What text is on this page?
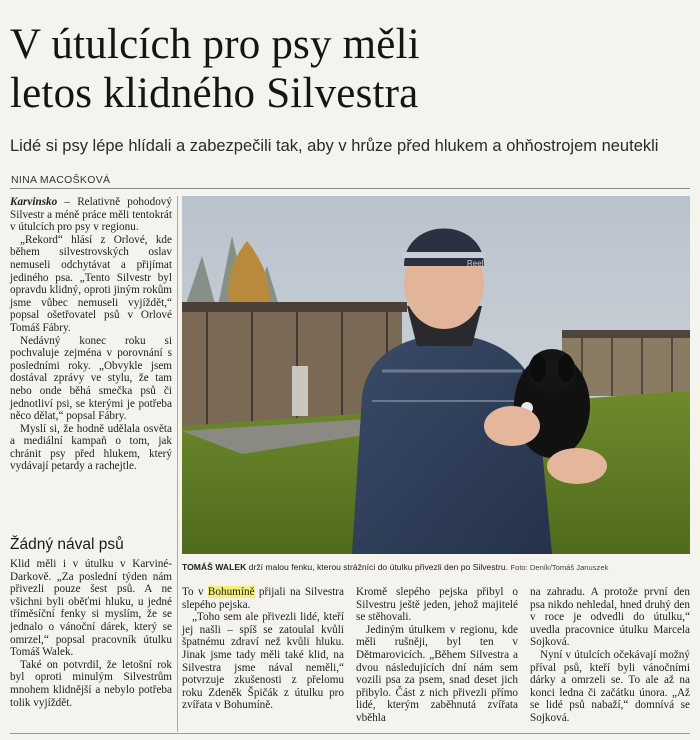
V útulcích pro psy měli
letos klidného Silvestra
Lidé si psy lépe hlídali a zabezpečili tak, aby v hrůze před hlukem a ohňostrojem neutekli
NINA MACOŠKOVÁ

Karvinsko – Relativně pohodový Silvestr a méně práce měli tentokrát v útulcích pro psy v regionu.

„Rekord“ hlásí z Orlové, kde během silvestrovských oslav nemuseli odchytávat a přijímat jediného psa. „Tento Silvestr byl opravdu klidný, oproti jiným rokům jsme vůbec nemuseli vyjíždět,“ popsal ošetřovatel psů v Orlové Tomáš Fábry.

Nedávný konec roku si pochvaluje zejména v porovnání s posledními roky. „Obvykle jsem dostával zprávy ve stylu, že tam nebo onde běhá smečka psů či jednotliví psi, se kterými je potřeba něco dělat,“ popsal Fábry.

Myslí si, že hodně udělala osvěta a mediální kampaň o tom, jak chránit psy před hlukem, který vydávají petardy a rachejtle.

Žádný nával psů

Klid měli i v útulku v Karviné-Darkově. „Za poslední týden nám přivezli pouze šest psů. A ne všichni byli oběťmi hluku, u jedné tříměsíční fenky si myslím, že se jednalo o vánoční dárek, který se omrzel,“ popsal pracovník útulku Tomáš Walek.

Také on potvrdil, že letošní rok byl oproti minulým Silvestrům mnohem klidnější a nebylo potřeba tolik vyjíždět.

Reell
TOMÁŠ WALEK drží malou fenku, kterou strážníci do útulku přivezli den po Silvestru. Foto: Deník/Tomáš Januszek

To v Bohumíně přijali na Silvestra slepého pejska.

„Toho sem ale přivezli lidé, kteří jej našli – spíš se zatoulal kvůli špatnému zdraví než kvůli hluku. Jinak jsme tady měli také klid, na Silvestra jsme nával neměli,“ potvrzuje zkušenosti z přelomu roku Zdeněk Špičák z útulku pro zvířata v Bohumíně.

Kromě slepého pejska přibyl o Silvestru ještě jeden, jehož majitelé se stěhovali.

Jediným útulkem v regionu, kde měli rušněji, byl ten v Dětmarovicích. „Během Silvestra a dvou následujících dní nám sem vozili psa za psem, snad deset jich přibylo. Část z nich přivezli přímo lidé, kterým zaběhnutá zvířata vběhla

na zahradu. A protože první den psa nikdo nehledal, hned druhý den v roce je odvedli do útulku,“ uvedla pracovnice útulku Marcela Sojková.

Nyní v útulcích očekávají možný příval psů, kteří byli vánočními dárky a omrzeli se. To ale až na konci ledna či začátku února. „Až se lidé psů nabaží,“ domnívá se Sojková.
